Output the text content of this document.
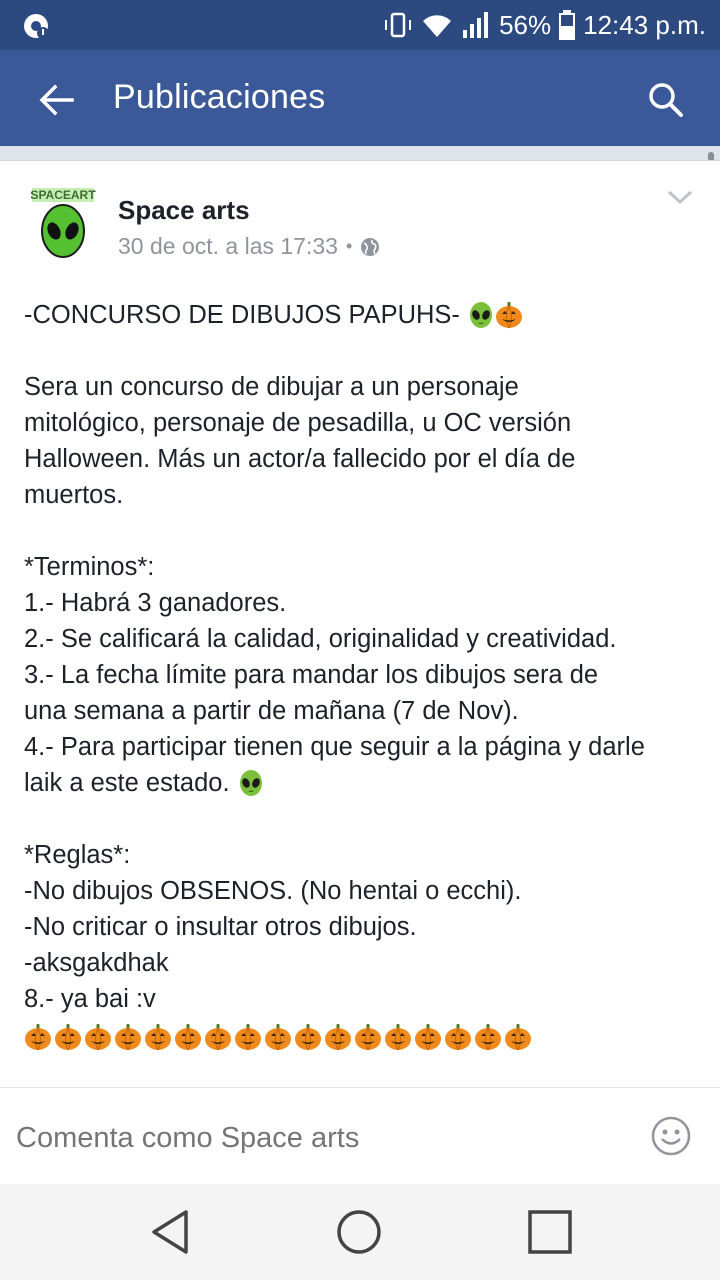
56% 12:43 p.m.
Publicaciones
SPACEART Space arts
30 de oct. a las 17:33 •
-CONCURSO DE DIBUJOS PAPUHS-
Sera un concurso de dibujar a un personaje
mitológico, personaje de pesadilla, u OC versión
Halloween. Más un actor/a fallecido por el día de
muertos.
*Terminos*:
1.- Habrá 3 ganadores.
2.- Se calificará la calidad, originalidad y creatividad.
3.- La fecha límite para mandar los dibujos sera de
una semana a partir de mañana (7 de Nov).
4.- Para participar tienen que seguir a la página y darle
laik a este estado.
*Reglas*:
-No dibujos OBSENOS. (No hentai o ecchi).
-No criticar o insultar otros dibujos.
-aksgakdhak
8.- ya bai :v
Comenta como Space arts
